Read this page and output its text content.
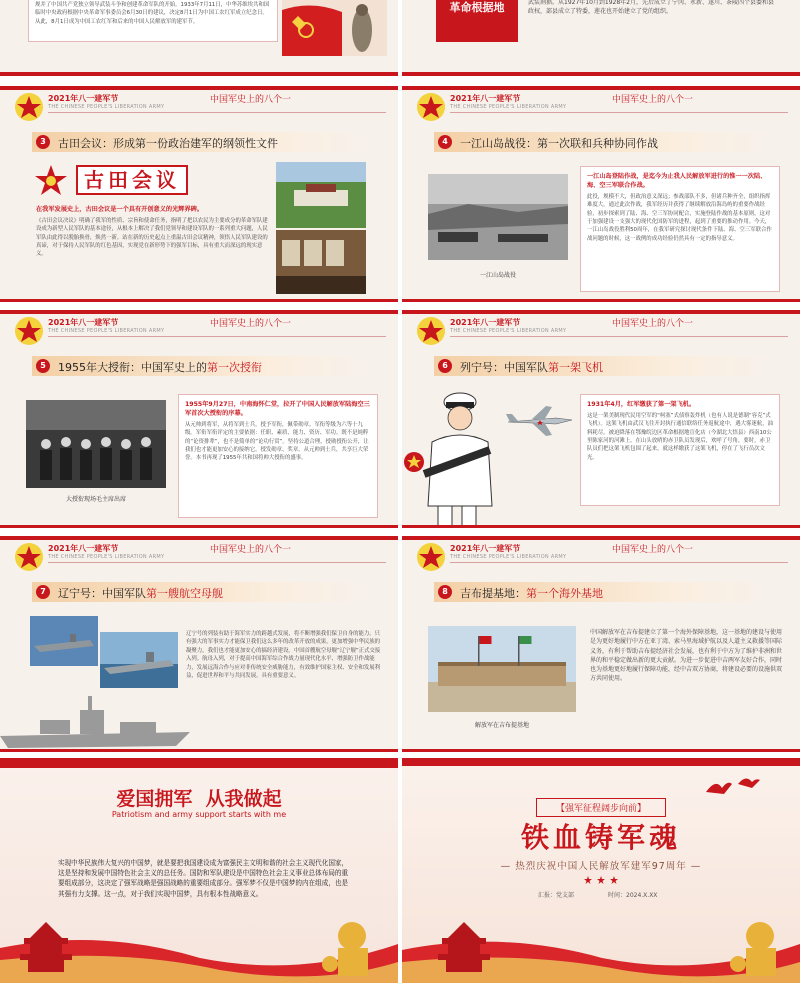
规并了中国共产党独立领导武装斗争和创建革命军队的开始。1933年7月11日，中华苏维埃共和国临时中央政府根据中央革命军事委员会6月30日的建议，决定8月1日为中国工农红军成立纪念日。从此，8月1日成为中国工农红军和后来的中国人民解放军的建军节。
革命根据地	武装割据。从1927年10月到1928年2月，先后成立了宁冈、永新、遂川、茶陵四个县委和县政权，部县成立了特委，莲花也开始建立了党的组织。
2021年八一建军节
THE CHINESE PEOPLE'S LIBERATION ARMY
中国军史上的八个一
3	古田会议：形成第一份政治建军的纲领性文件
古田会议
在我军发展史上，古田会议是一个具有开创意义的光辉界碑。
《古田会议决议》明确了我军的性质、宗旨和使命任务，指明了把以农民为主要成分的革命军队建设成为新型人民军队的基本途径，从根本上解决了我们党领导和建设军队的一系列重大问题，人民军队由此得以脱胎换骨，焕然一新。站在新的历史起点上重温古田会议精神，领悟人民军队建设的真谛，对于保持人民军队的红色基因，实现党在新形势下的强军目标，具有重大而深远的现实意义。
2021年八一建军节
THE CHINESE PEOPLE'S LIBERATION ARMY
中国军史上的八个一
4	一江山岛战役：第一次联和兵种协同作战
一江山岛战役
一江山岛登陆作战，是迄今为止我人民解放军进行的惟一一次陆、海、空三军联合作战。
此役，规模不大，但政治意义深远；参战部队不多，但诸兵种齐全，组织指挥难度大。通过此次作战，我军经历并获得了继续解放沿海岛屿的重要作战经验，初步探索到了陆、海、空三军协同配合，实施登陆作战的基本原则，这对于加强建设一支强大的现代化国防军的进程，起到了重要的推动作用。今天，一江山岛战役胜利50周年，在我军研究探讨现代条件下陆、海、空三军联合作战问题的时候，这一战例的成功经验仍然具有一定的指导意义。
2021年八一建军节
THE CHINESE PEOPLE'S LIBERATION ARMY
中国军史上的八个一
5	1955年大授衔：中国军史上的第一次授衔
大授衔现场毛主席出席
1955年9月27日，中南海怀仁堂，拉开了中国人民解放军陆海空三军首次大授衔的序幕。
从元帅到将军，从将军到士兵，授予军衔，佩带勋章。军衔等级为六等十九级。军衔军衔评定的主要依据：任职、素质、能力、资历、军功。既不是純粹的“论资排辈”，也不是简单的“论功行赏”。坚持公道合理，授勋授衔公开，让我们也才能更加安心的接纳它。授发勋章、奖章。从元帅到士兵，共享巨大荣誉。本书再现了1955年共和国将帅大授衔的盛事。
2021年八一建军节
THE CHINESE PEOPLE'S LIBERATION ARMY
中国军史上的八个一
6	列宁号：中国军队第一架飞机
1931年4月，红军缴获了第一架飞机。
这是一架美制现代民用空军的“柯塞”式侦察轰炸机（也有人说是德制“容克”式飞机）。这架飞机由武汉飞往开封执行通信联络任务返航途中，遇大雾迷航，油料耗尽，被迫降落在鄂豫皖边区革命根据地宣化店（今湖北大悟县）西南10公里陈家河的河滩上。在山头放哨的赤卫队员发现后，欢呼了号角，要时，赤卫队员们把这架飞机包围了起来，就这样缴获了这架飞机，停在了飞行员次文光。
2021年八一建军节
THE CHINESE PEOPLE'S LIBERATION ARMY
中国军史上的八个一
7	辽宁号：中国军队第一艘航空母舰
辽宁号的列装有助于海军实力的跨越式发展，将不断增强我们保卫自身的能力。只有强大的军事实力才能保卫我们这么多年的改革开放的成果，更加增强中华民族的凝聚力，我们也才能更加安心的搞经济建设。中国首艘航空母舰“辽宁舰”正式交接入列。航母入列，对于提高中国海军综合作战力量现代化水平、增强防卫作战能力，发展远海合作与应对非传统安全威胁能力，有效维护国家主权、安全和发展利益，促进世界和平与共同发展，具有重要意义。
2021年八一建军节
THE CHINESE PEOPLE'S LIBERATION ARMY
中国军史上的八个一
8	吉布提基地：第一个海外基地
解放军在吉布提基地
中国解放军在吉布提建立了第一个海外保障基地，这一基地的建设与使用是为更好地履行中方在亚丁湾、索马里海域护航以及人道主义救援等国际义务，有利于帮助吉布提经济社会发展，也有利于中方为了维护非洲和世界的和平稳定做出新的更大贡献。为进一步促进中吉两军友好合作，同时也为基地更好地履行保障功能，经中吉双方协商，将建设必要的设施供双方共同使用。
爱国拥军  从我做起
Patriotism and army support starts with me
实现中华民族伟大复兴的中国梦，就是要把我国建设成为富强民主文明和谐的社会主义现代化国家，这是坚持和发展中国特色社会主义的总任务。国防和军队建设是中国特色社会主义事业总体布局的重要组成部分，这决定了强军战略是强国战略的重要组成部分。强军梦不仅是中国梦的内在组成，也是其强有力支撑。这一点，对于我们实现中国梦，具有根本性战略意义。
【强军征程阔步向前】
铁血铸军魂
— 热烈庆祝中国人民解放军建军97周年 —
汇报：党支部	时间：2024.X.XX
